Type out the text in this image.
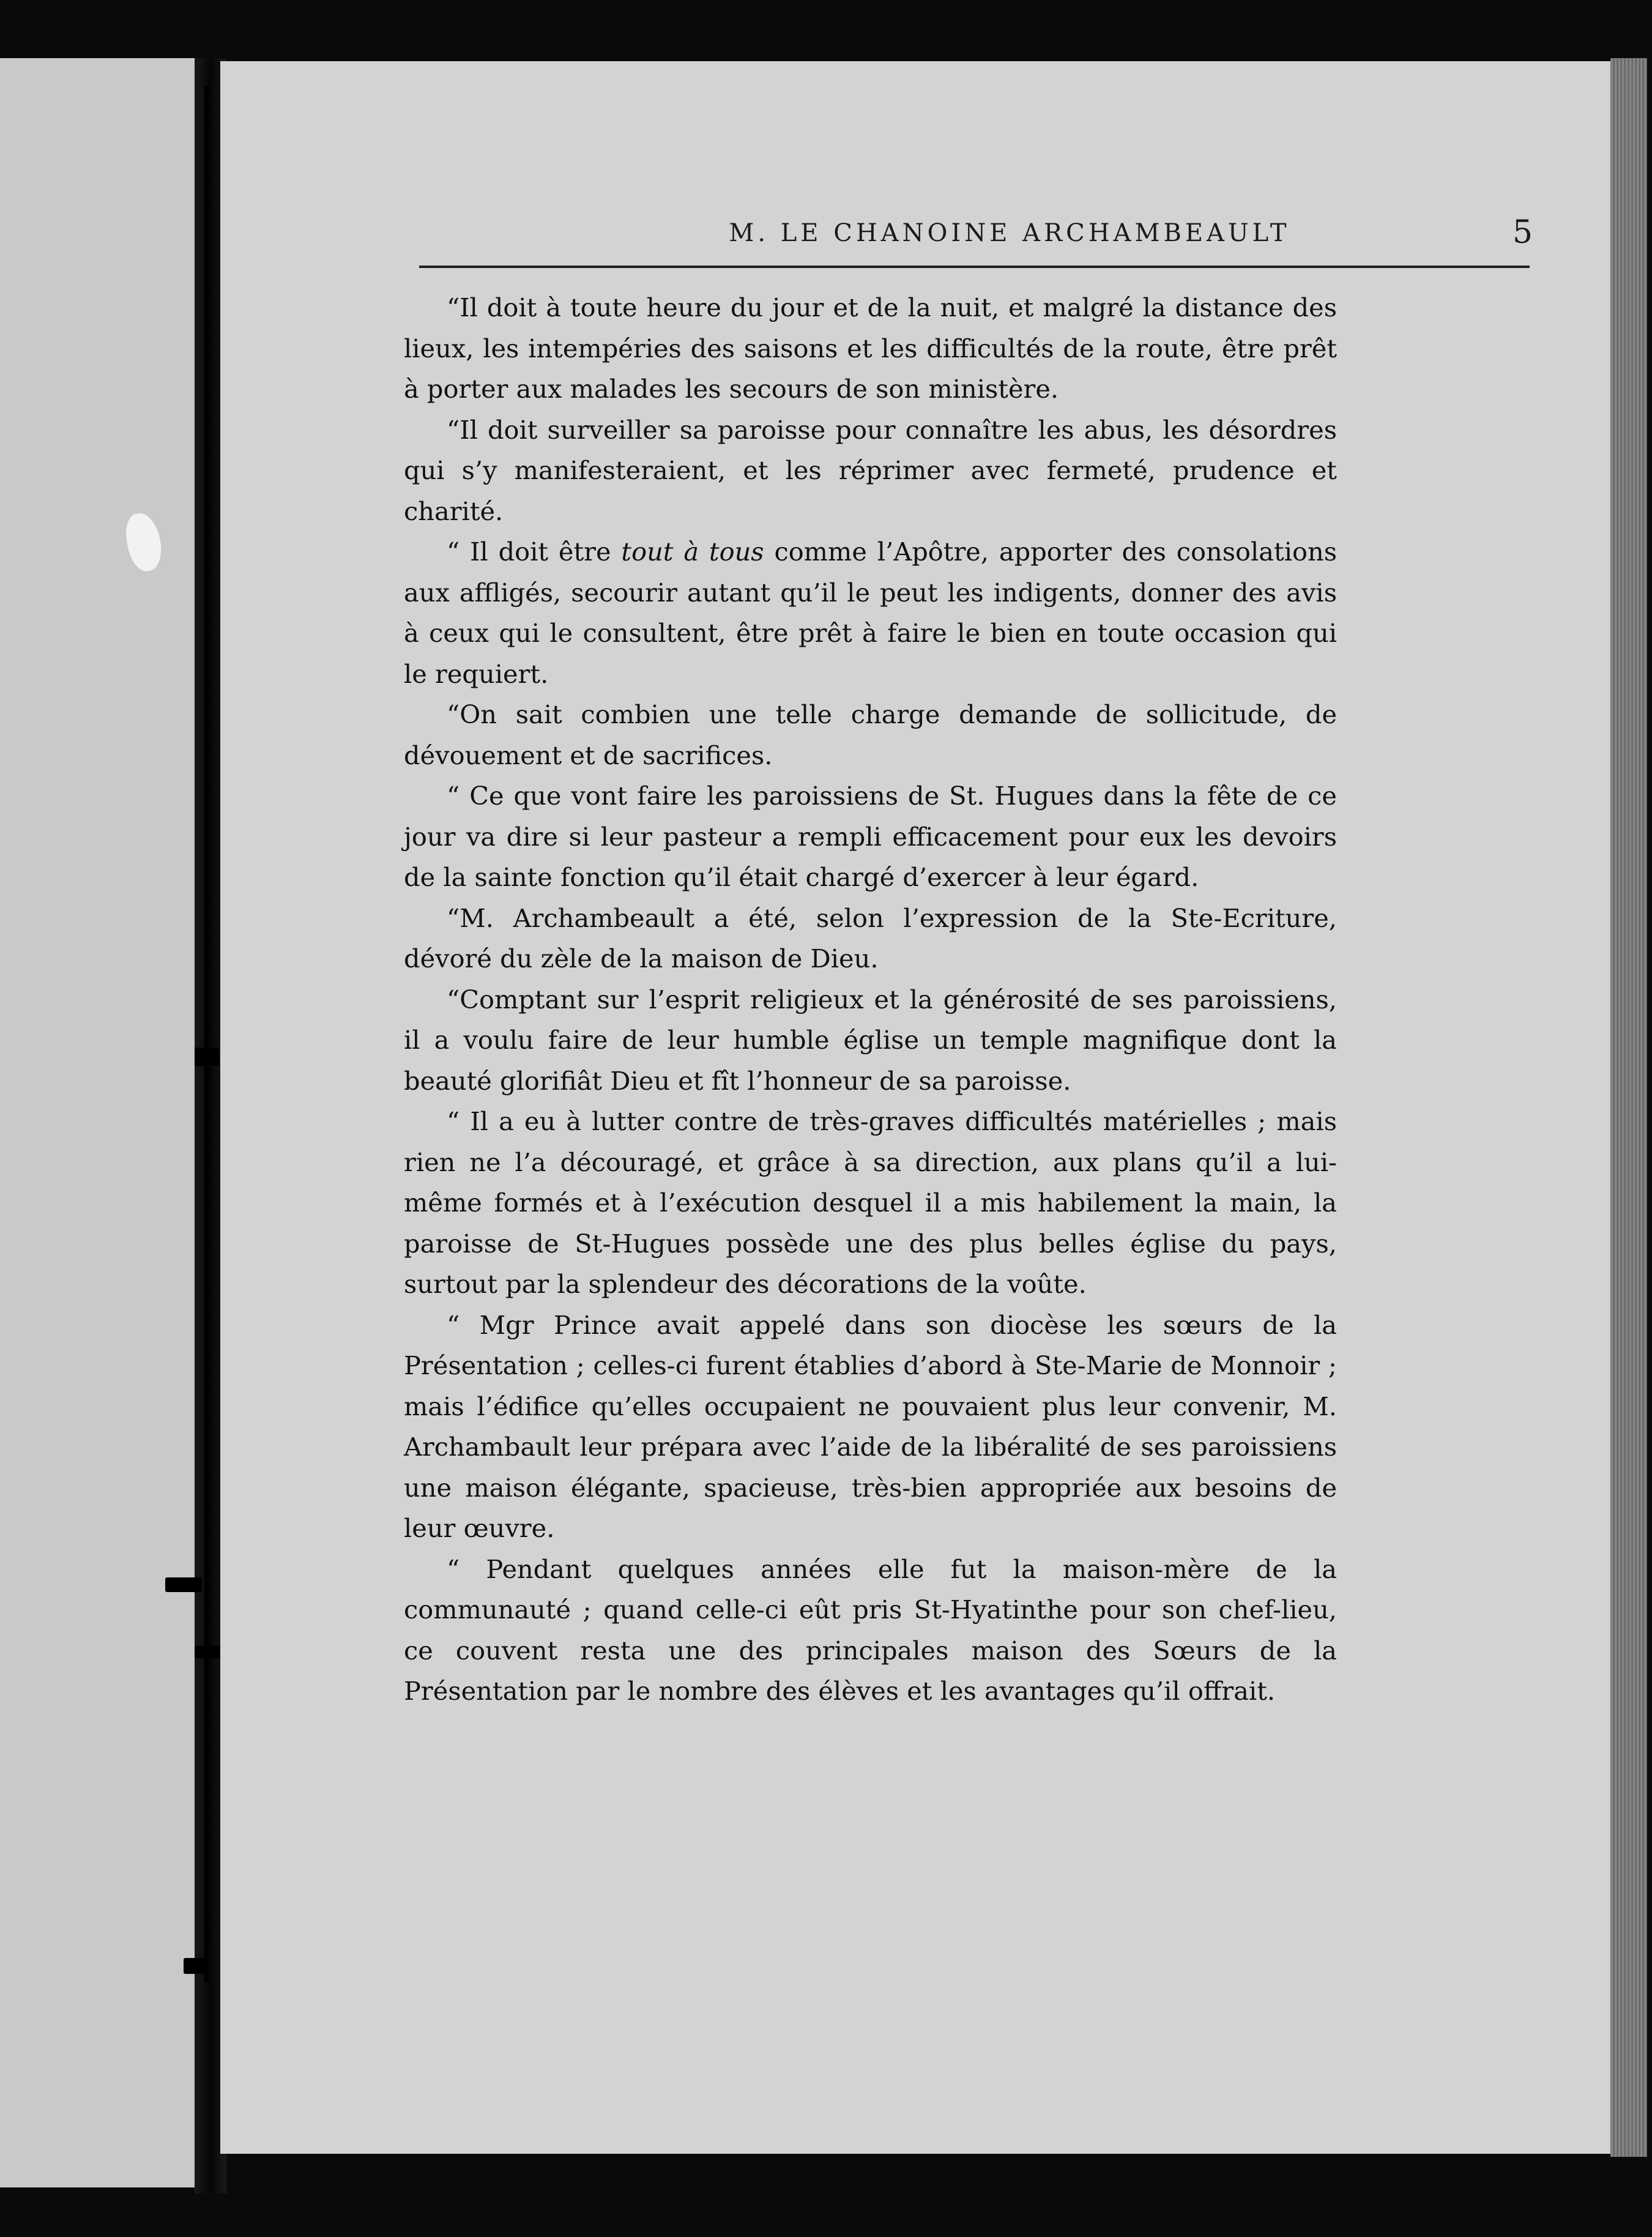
M. LE CHANOINE ARCHAMBEAULT	5

“Il doit à toute heure du jour et de la nuit, et malgré la distance des lieux, les intempéries des saisons et les difficultés de la route, être prêt à porter aux malades les secours de son ministère.

“Il doit surveiller sa paroisse pour connaître les abus, les désordres qui s’y manifesteraient, et les réprimer avec fermeté, prudence et charité.

“ Il doit être tout à tous comme l’Apôtre, apporter des consolations aux affligés, secourir autant qu’il le peut les indigents, donner des avis à ceux qui le consultent, être prêt à faire le bien en toute occasion qui le requiert.

“On sait combien une telle charge demande de sollicitude, de dévouement et de sacrifices.

“ Ce que vont faire les paroissiens de St. Hugues dans la fête de ce jour va dire si leur pasteur a rempli efficacement pour eux les devoirs de la sainte fonction qu’il était chargé d’exercer à leur égard.

“M. Archambeault a été, selon l’expression de la Ste-Ecriture, dévoré du zèle de la maison de Dieu.

“Comptant sur l’esprit religieux et la générosité de ses paroissiens, il a voulu faire de leur humble église un temple magnifique dont la beauté glorifiât Dieu et fît l’honneur de sa paroisse.

“ Il a eu à lutter contre de très-graves difficultés matérielles ; mais rien ne l’a découragé, et grâce à sa direction, aux plans qu’il a lui-même formés et à l’exécution desquel il a mis habilement la main, la paroisse de St-Hugues possède une des plus belles église du pays, surtout par la splendeur des décorations de la voûte.

“ Mgr Prince avait appelé dans son diocèse les sœurs de la Présentation ; celles-ci furent établies d’abord à Ste-Marie de Monnoir ; mais l’édifice qu’elles occupaient ne pouvaient plus leur convenir, M. Archambault leur prépara avec l’aide de la libéralité de ses paroissiens une maison élégante, spacieuse, très-bien appropriée aux besoins de leur œuvre.

“ Pendant quelques années elle fut la maison-mère de la communauté ; quand celle-ci eût pris St-Hyatinthe pour son chef-lieu, ce couvent resta une des principales maison des Sœurs de la Présentation par le nombre des élèves et les avantages qu’il offrait.
